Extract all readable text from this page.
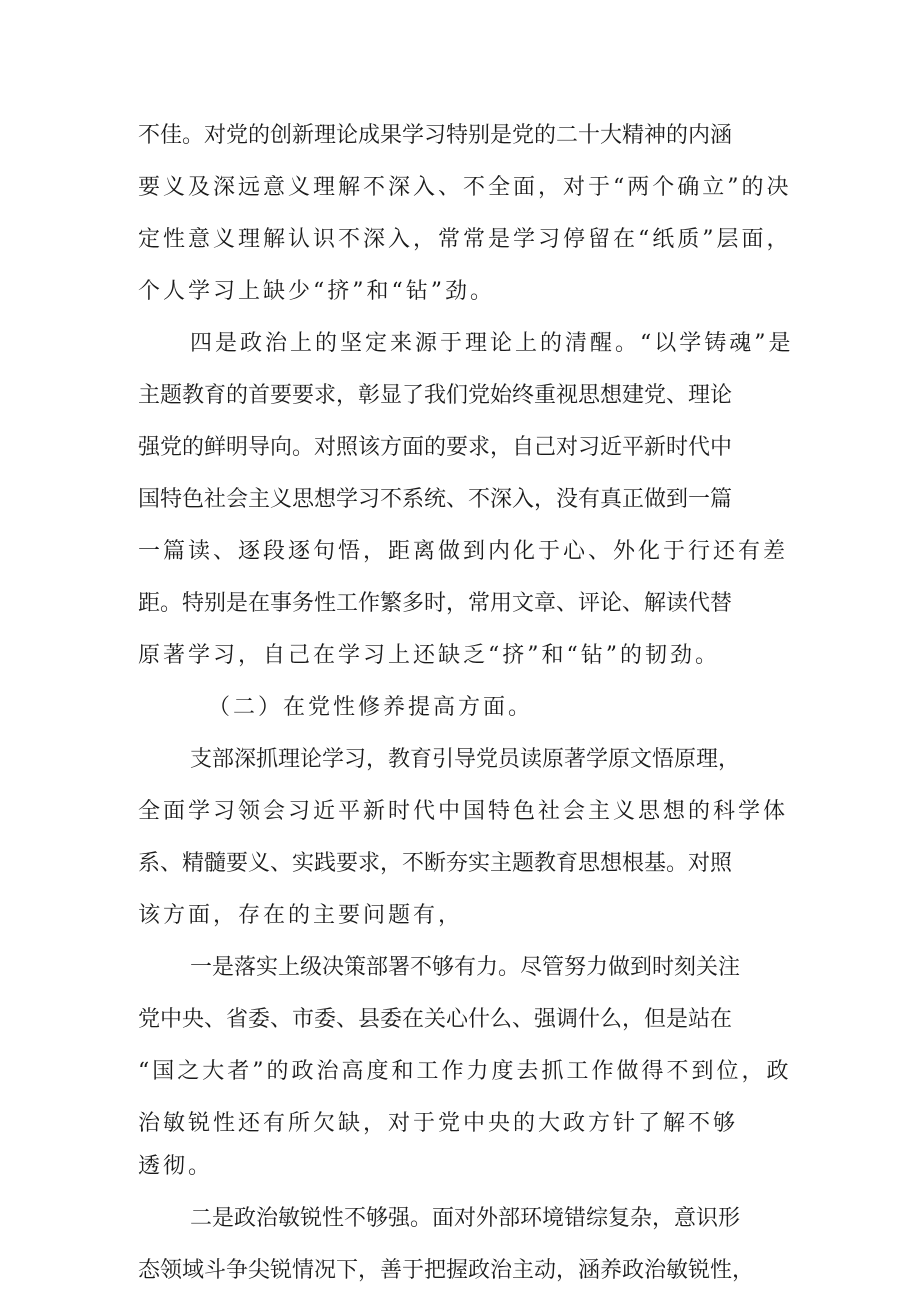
不佳。对党的创新理论成果学习特别是党的二十大精神的内涵
要义及深远意义理解不深入、不全面，对于“两个确立”的决
定性意义理解认识不深入，常常是学习停留在“纸质”层面，
个人学习上缺少“挤”和“钻”劲。
四是政治上的坚定来源于理论上的清醒。“以学铸魂”是
主题教育的首要要求，彰显了我们党始终重视思想建党、理论
强党的鲜明导向。对照该方面的要求，自己对习近平新时代中
国特色社会主义思想学习不系统、不深入，没有真正做到一篇
一篇读、逐段逐句悟，距离做到内化于心、外化于行还有差
距。特别是在事务性工作繁多时，常用文章、评论、解读代替
原著学习，自己在学习上还缺乏“挤”和“钻”的韧劲。
（二）在党性修养提高方面。
支部深抓理论学习，教育引导党员读原著学原文悟原理，
全面学习领会习近平新时代中国特色社会主义思想的科学体
系、精髓要义、实践要求，不断夯实主题教育思想根基。对照
该方面，存在的主要问题有，
一是落实上级决策部署不够有力。尽管努力做到时刻关注
党中央、省委、市委、县委在关心什么、强调什么，但是站在
“国之大者”的政治高度和工作力度去抓工作做得不到位，政
治敏锐性还有所欠缺，对于党中央的大政方针了解不够
透彻。
二是政治敏锐性不够强。面对外部环境错综复杂，意识形
态领域斗争尖锐情况下，善于把握政治主动，涵养政治敏锐性，
